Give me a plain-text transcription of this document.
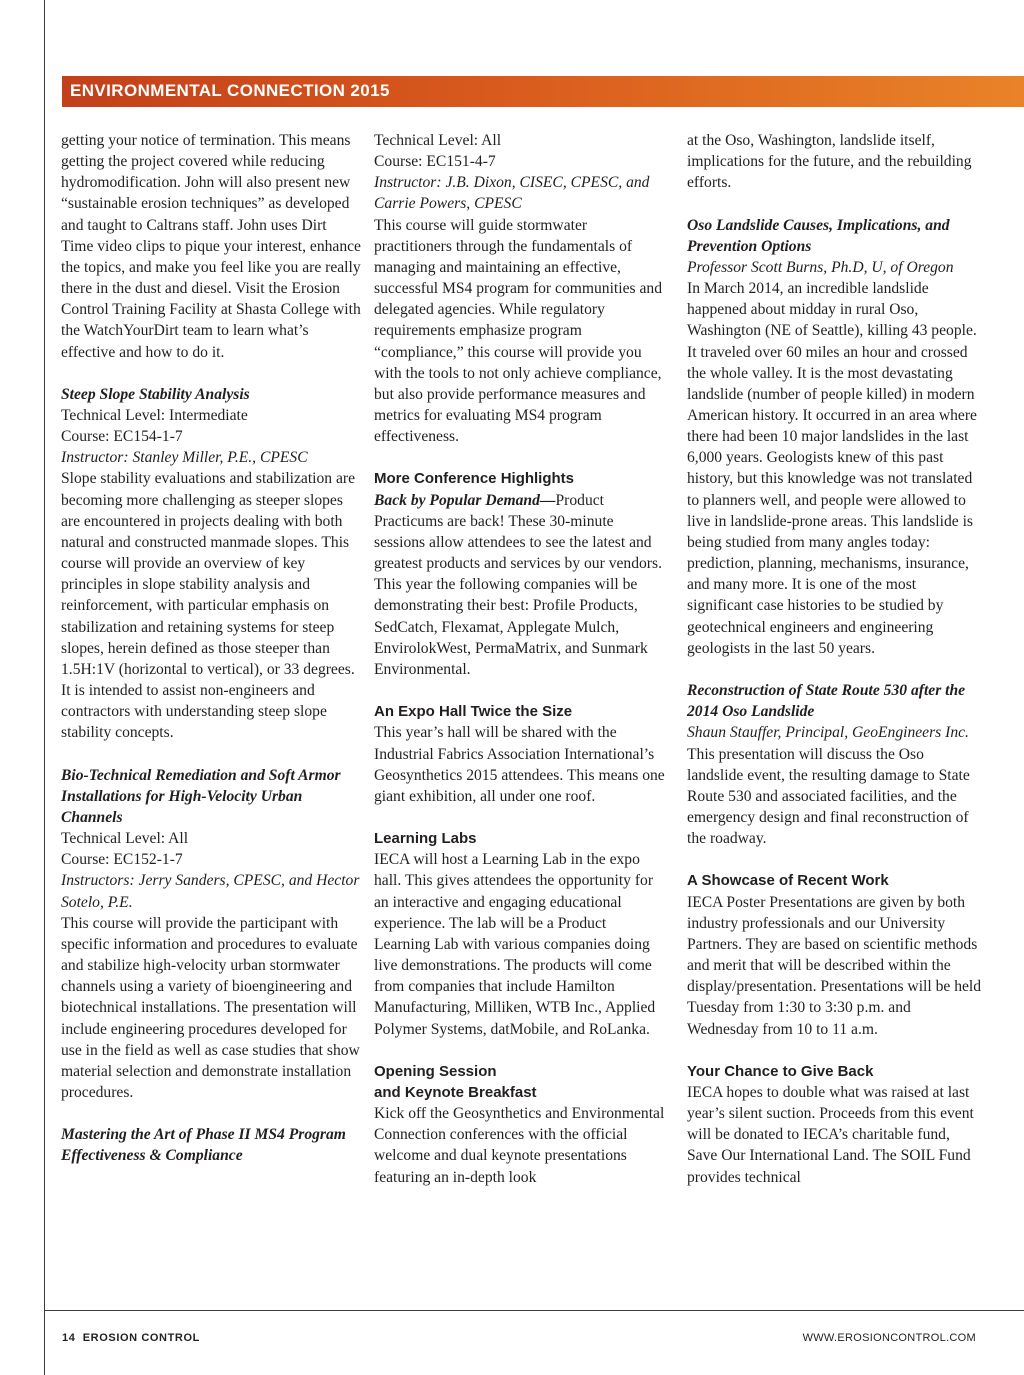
ENVIRONMENTAL CONNECTION 2015

getting your notice of termination. This means getting the project covered while reducing hydromodification. John will also present new “sustainable erosion techniques” as developed and taught to Caltrans staff. John uses Dirt Time video clips to pique your interest, enhance the topics, and make you feel like you are really there in the dust and diesel. Visit the Erosion Control Training Facility at Shasta College with the WatchYourDirt team to learn what’s effective and how to do it.

Steep Slope Stability Analysis
Technical Level: Intermediate
Course: EC154-1-7
Instructor: Stanley Miller, P.E., CPESC
Slope stability evaluations and stabilization are becoming more challenging as steeper slopes are encountered in projects dealing with both natural and constructed manmade slopes. This course will provide an overview of key principles in slope stability analysis and reinforcement, with particular emphasis on stabilization and retaining systems for steep slopes, herein defined as those steeper than 1.5H:1V (horizontal to vertical), or 33 degrees. It is intended to assist non-engineers and contractors with understanding steep slope stability concepts.

Bio-Technical Remediation and Soft Armor Installations for High-Velocity Urban Channels
Technical Level: All
Course: EC152-1-7
Instructors: Jerry Sanders, CPESC, and Hector Sotelo, P.E.
This course will provide the participant with specific information and procedures to evaluate and stabilize high-velocity urban stormwater channels using a variety of bioengineering and biotechnical installations. The presentation will include engineering procedures developed for use in the field as well as case studies that show material selection and demonstrate installation procedures.

Mastering the Art of Phase II MS4 Program Effectiveness & Compliance

Technical Level: All
Course: EC151-4-7
Instructor: J.B. Dixon, CISEC, CPESC, and Carrie Powers, CPESC
This course will guide stormwater practitioners through the fundamentals of managing and maintaining an effective, successful MS4 program for communities and delegated agencies. While regulatory requirements emphasize program “compliance,” this course will provide you with the tools to not only achieve compliance, but also provide performance measures and metrics for evaluating MS4 program effectiveness.

More Conference Highlights
Back by Popular Demand—Product Practicums are back! These 30-minute sessions allow attendees to see the latest and greatest products and services by our vendors. This year the following companies will be demonstrating their best: Profile Products, SedCatch, Flexamat, Applegate Mulch, EnvirolokWest, PermaMatrix, and Sunmark Environmental.

An Expo Hall Twice the Size
This year’s hall will be shared with the Industrial Fabrics Association International’s Geosynthetics 2015 attendees. This means one giant exhibition, all under one roof.

Learning Labs
IECA will host a Learning Lab in the expo hall. This gives attendees the opportunity for an interactive and engaging educational experience. The lab will be a Product Learning Lab with various companies doing live demonstrations. The products will come from companies that include Hamilton Manufacturing, Milliken, WTB Inc., Applied Polymer Systems, datMobile, and RoLanka.

Opening Session
and Keynote Breakfast
Kick off the Geosynthetics and Environmental Connection conferences with the official welcome and dual keynote presentations featuring an in-depth look

at the Oso, Washington, landslide itself, implications for the future, and the rebuilding efforts.

Oso Landslide Causes, Implications, and Prevention Options
Professor Scott Burns, Ph.D, U, of Oregon
In March 2014, an incredible landslide happened about midday in rural Oso, Washington (NE of Seattle), killing 43 people. It traveled over 60 miles an hour and crossed the whole valley. It is the most devastating landslide (number of people killed) in modern American history. It occurred in an area where there had been 10 major landslides in the last 6,000 years. Geologists knew of this past history, but this knowledge was not translated to planners well, and people were allowed to live in landslide-prone areas. This landslide is being studied from many angles today: prediction, planning, mechanisms, insurance, and many more. It is one of the most significant case histories to be studied by geotechnical engineers and engineering geologists in the last 50 years.

Reconstruction of State Route 530 after the 2014 Oso Landslide
Shaun Stauffer, Principal, GeoEngineers Inc.
This presentation will discuss the Oso landslide event, the resulting damage to State Route 530 and associated facilities, and the emergency design and final reconstruction of the roadway.

A Showcase of Recent Work
IECA Poster Presentations are given by both industry professionals and our University Partners. They are based on scientific methods and merit that will be described within the display/presentation. Presentations will be held Tuesday from 1:30 to 3:30 p.m. and Wednesday from 10 to 11 a.m.

Your Chance to Give Back
IECA hopes to double what was raised at last year’s silent suction. Proceeds from this event will be donated to IECA’s charitable fund, Save Our International Land. The SOIL Fund provides technical

14 EROSION CONTROL	WWW.EROSIONCONTROL.COM
